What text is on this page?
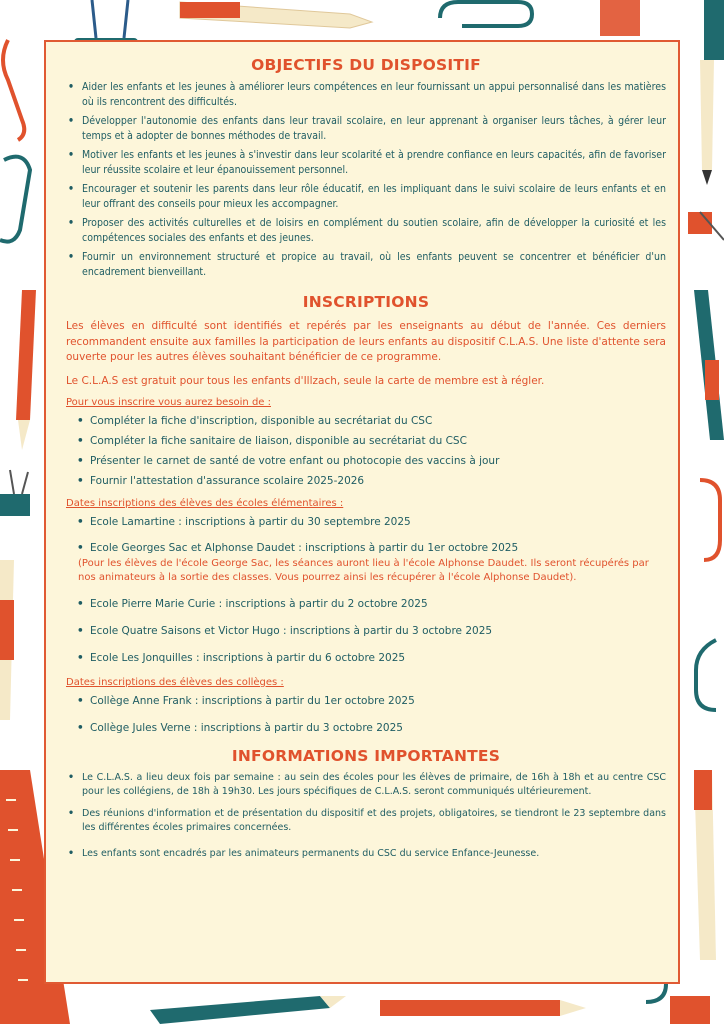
OBJECTIFS DU DISPOSITIF
• Aider les enfants et les jeunes à améliorer leurs compétences en leur fournissant un appui personnalisé dans les matières où ils rencontrent des difficultés.
• Développer l'autonomie des enfants dans leur travail scolaire, en leur apprenant à organiser leurs tâches, à gérer leur temps et à adopter de bonnes méthodes de travail.
• Motiver les enfants et les jeunes à s'investir dans leur scolarité et à prendre confiance en leurs capacités, afin de favoriser leur réussite scolaire et leur épanouissement personnel.
• Encourager et soutenir les parents dans leur rôle éducatif, en les impliquant dans le suivi scolaire de leurs enfants et en leur offrant des conseils pour mieux les accompagner.
• Proposer des activités culturelles et de loisirs en complément du soutien scolaire, afin de développer la curiosité et les compétences sociales des enfants et des jeunes.
• Fournir un environnement structuré et propice au travail, où les enfants peuvent se concentrer et bénéficier d'un encadrement bienveillant.
INSCRIPTIONS

Les élèves en difficulté sont identifiés et repérés par les enseignants au début de l'année. Ces derniers recommandent ensuite aux familles la participation de leurs enfants au dispositif C.L.A.S. Une liste d'attente sera ouverte pour les autres élèves souhaitant bénéficier de ce programme.

Le C.L.A.S est gratuit pour tous les enfants d'Illzach, seule la carte de membre est à régler.

Pour vous inscrire vous aurez besoin de :

• Compléter la fiche d'inscription, disponible au secrétariat du CSC
• Compléter la fiche sanitaire de liaison, disponible au secrétariat du CSC
• Présenter le carnet de santé de votre enfant ou photocopie des vaccins à jour
• Fournir l'attestation d'assurance scolaire 2025-2026

Dates inscriptions des élèves des écoles élémentaires :

• Ecole Lamartine : inscriptions à partir du 30 septembre 2025
• Ecole Georges Sac et Alphonse Daudet : inscriptions à partir du 1er octobre 2025

(Pour les élèves de l'école George Sac, les séances auront lieu à l'école Alphonse Daudet. Ils seront récupérés par nos animateurs à la sortie des classes. Vous pourrez ainsi les récupérer à l'école Alphonse Daudet).

• Ecole Pierre Marie Curie : inscriptions à partir du 2 octobre 2025
• Ecole Quatre Saisons et Victor Hugo : inscriptions à partir du 3 octobre 2025
• Ecole Les Jonquilles : inscriptions à partir du 6 octobre 2025

Dates inscriptions des élèves des collèges :

• Collège Anne Frank : inscriptions à partir du 1er octobre 2025
• Collège Jules Verne : inscriptions à partir du 3 octobre 2025
INFORMATIONS IMPORTANTES
• Le C.L.A.S. a lieu deux fois par semaine : au sein des écoles pour les élèves de primaire, de 16h à 18h et au centre CSC pour les collégiens, de 18h à 19h30. Les jours spécifiques de C.L.A.S. seront communiqués ultérieurement.
• Des réunions d'information et de présentation du dispositif et des projets, obligatoires, se tiendront le 23 septembre dans les différentes écoles primaires concernées.
• Les enfants sont encadrés par les animateurs permanents du CSC du service Enfance-Jeunesse.
